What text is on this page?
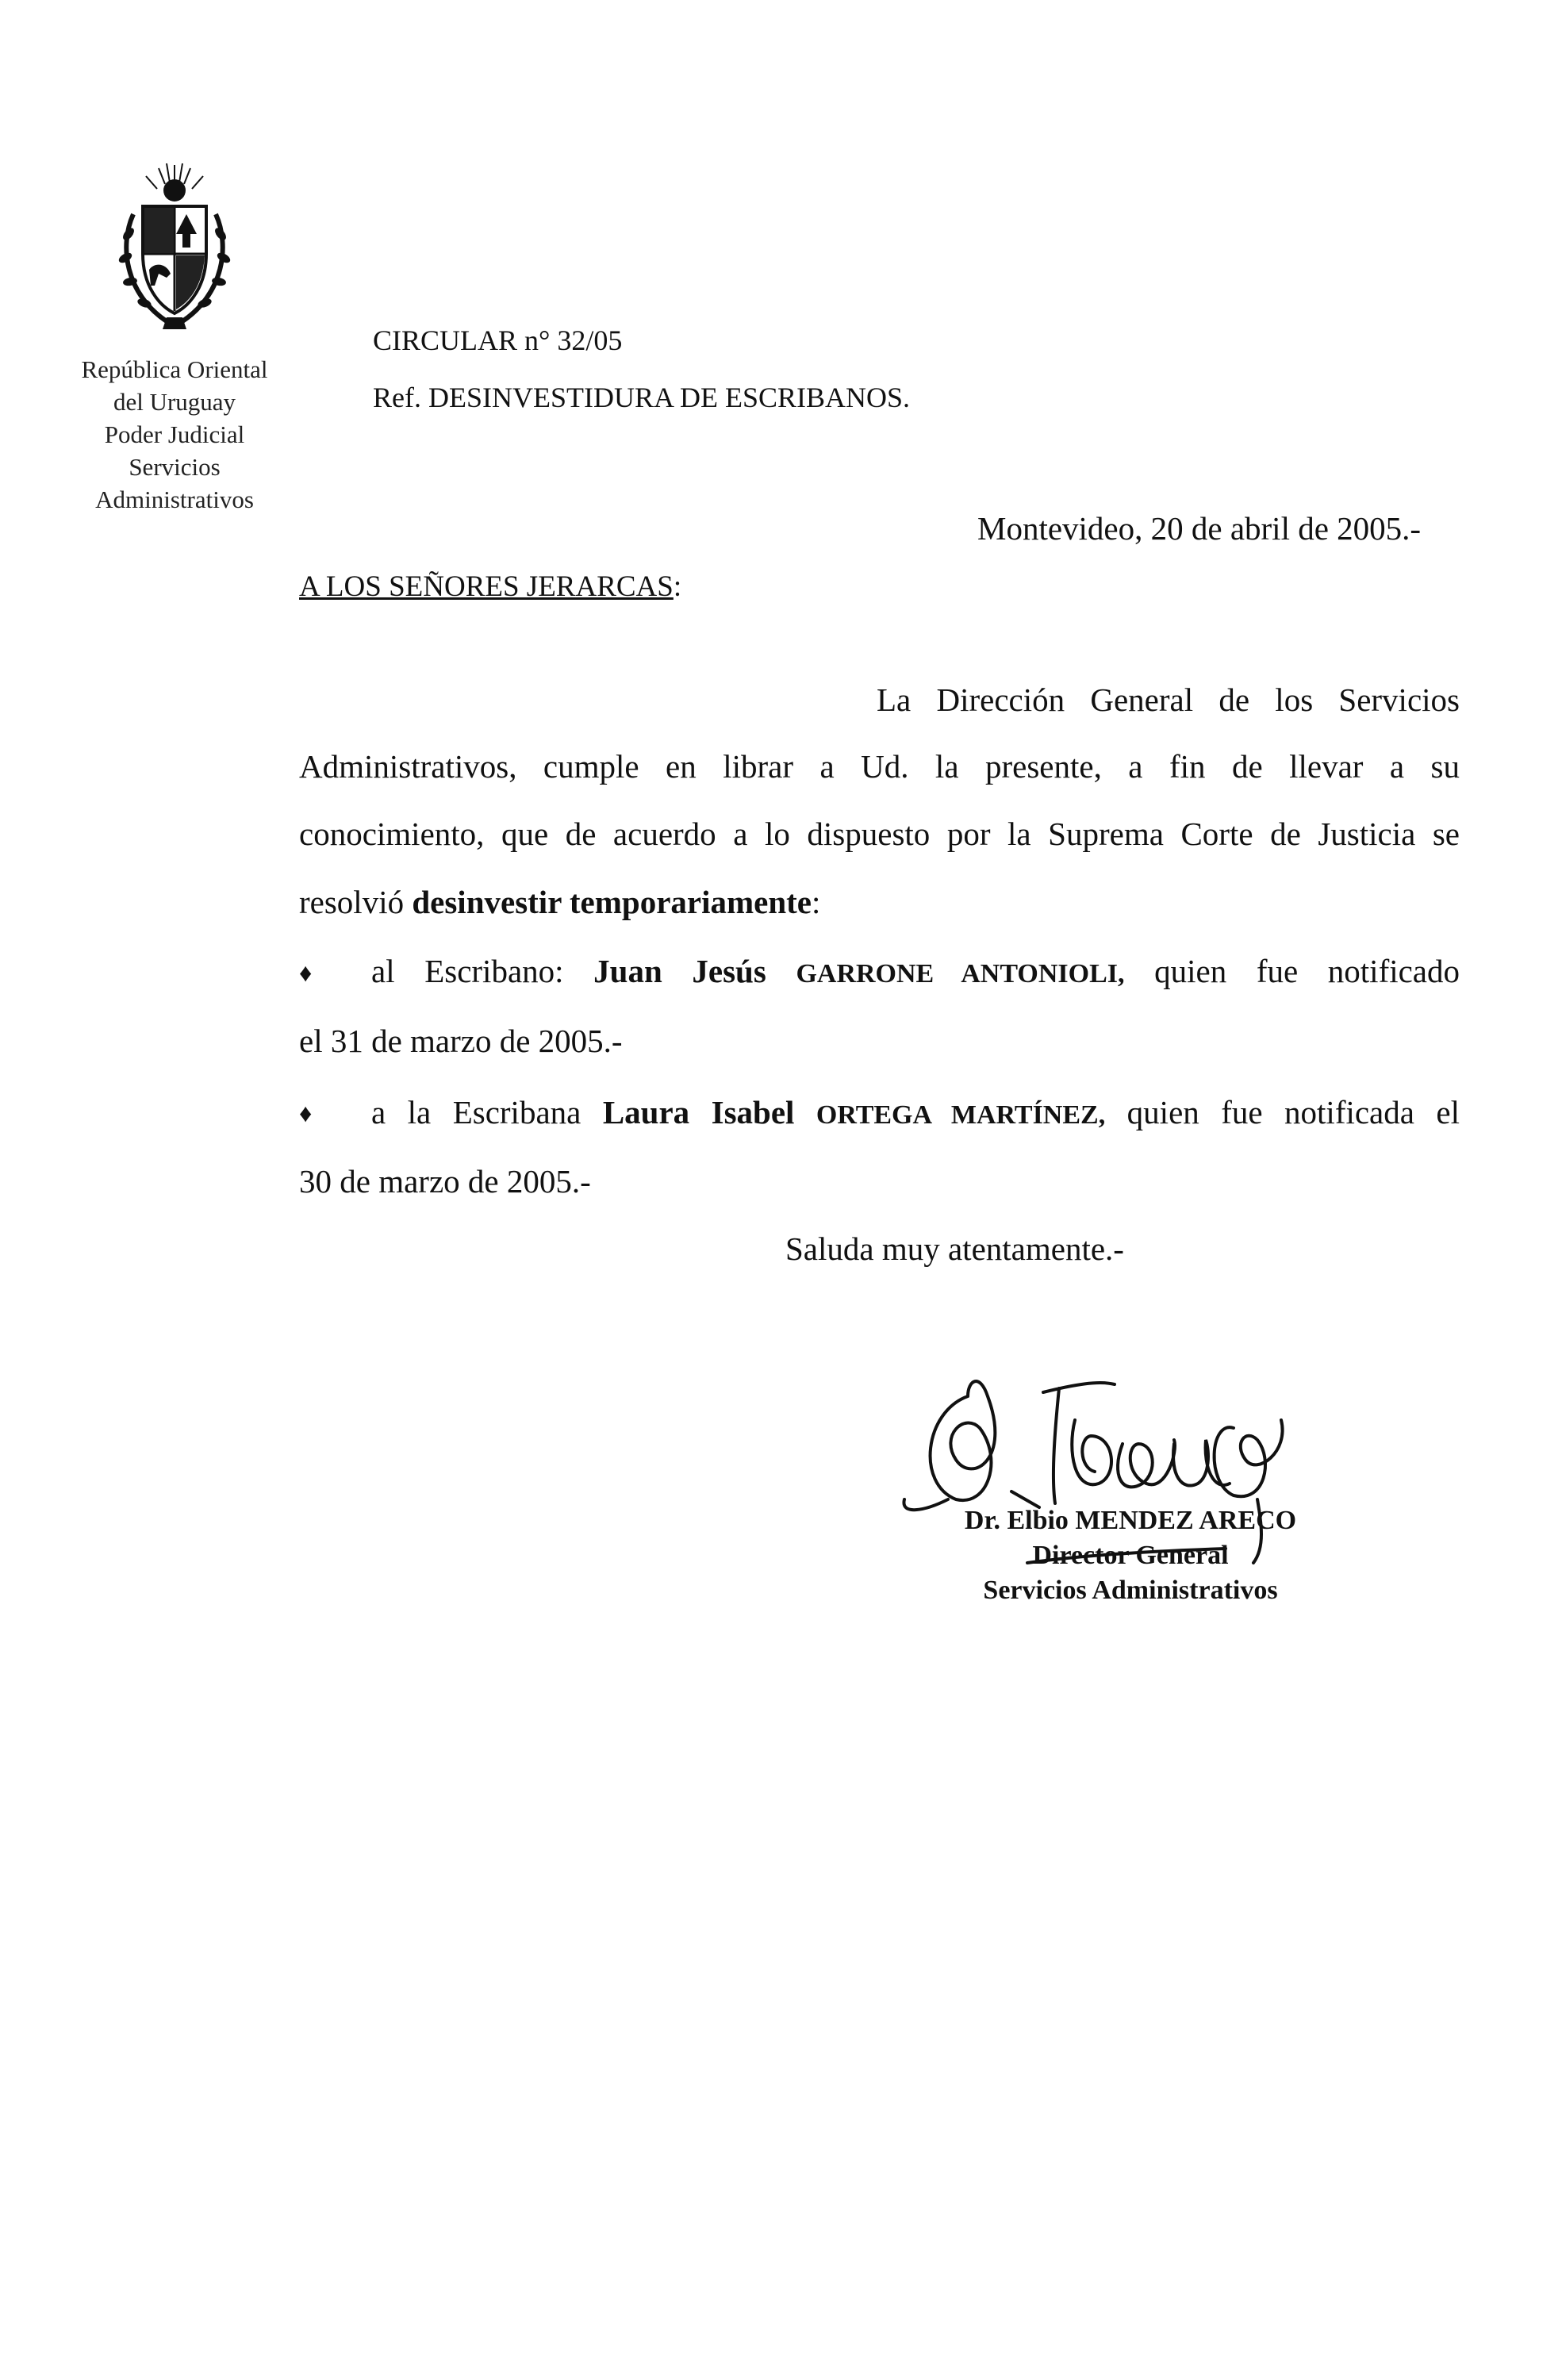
República Oriental
del Uruguay
Poder Judicial
Servicios
Administrativos
CIRCULAR n° 32/05
Ref. DESINVESTIDURA DE ESCRIBANOS.
Montevideo, 20 de abril de 2005.-
A LOS SEÑORES JERARCAS:
La Dirección General de los Servicios
Administrativos, cumple en librar a Ud. la presente, a fin de llevar a su
conocimiento, que de acuerdo a lo dispuesto por la Suprema Corte de Justicia se
resolvió desinvestir temporariamente:
♦ al Escribano: Juan Jesús GARRONE ANTONIOLI, quien fue notificado
el 31 de marzo de 2005.-
♦ a la Escribana Laura Isabel ORTEGA MARTÍNEZ, quien fue notificada el
30 de marzo de 2005.-
Saluda muy atentamente.-
Dr. Elbio MENDEZ ARECO
Director General
Servicios Administrativos
